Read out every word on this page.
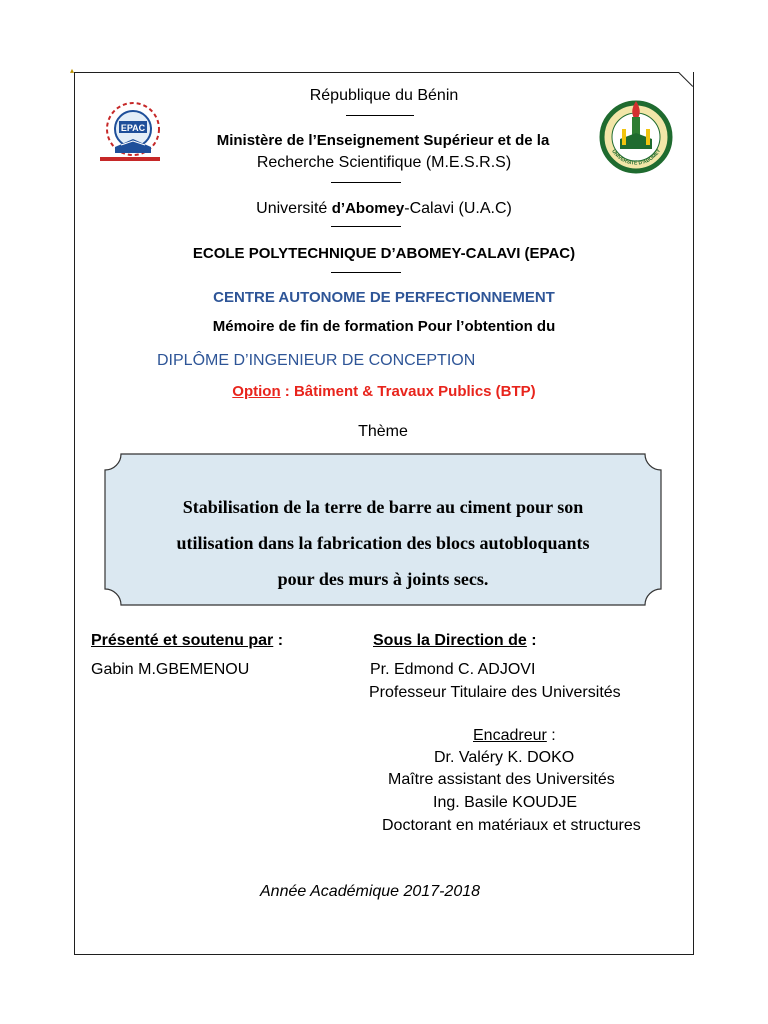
▴
EPAC
UNIVERSITÉ D'ABOMEY
République du Bénin
Ministère de l’Enseignement Supérieur et de la
Recherche Scientifique (M.E.S.R.S)
Université d’Abomey-Calavi (U.A.C)
ECOLE POLYTECHNIQUE D’ABOMEY-CALAVI (EPAC)
CENTRE AUTONOME DE PERFECTIONNEMENT
Mémoire de fin de formation Pour l’obtention du
DIPLÔME D’INGENIEUR DE CONCEPTION
Option : Bâtiment & Travaux Publics (BTP)
Thème
Stabilisation de la terre de barre au ciment pour son
utilisation dans la fabrication des blocs autobloquants
pour des murs à joints secs.
Présenté et soutenu par :
Gabin M.GBEMENOU
Sous la Direction de :
Pr. Edmond C. ADJOVI
Professeur Titulaire des Universités
Encadreur :
Dr. Valéry K. DOKO
Maître assistant des Universités
Ing. Basile KOUDJE
Doctorant en matériaux et structures
Année Académique 2017-2018
